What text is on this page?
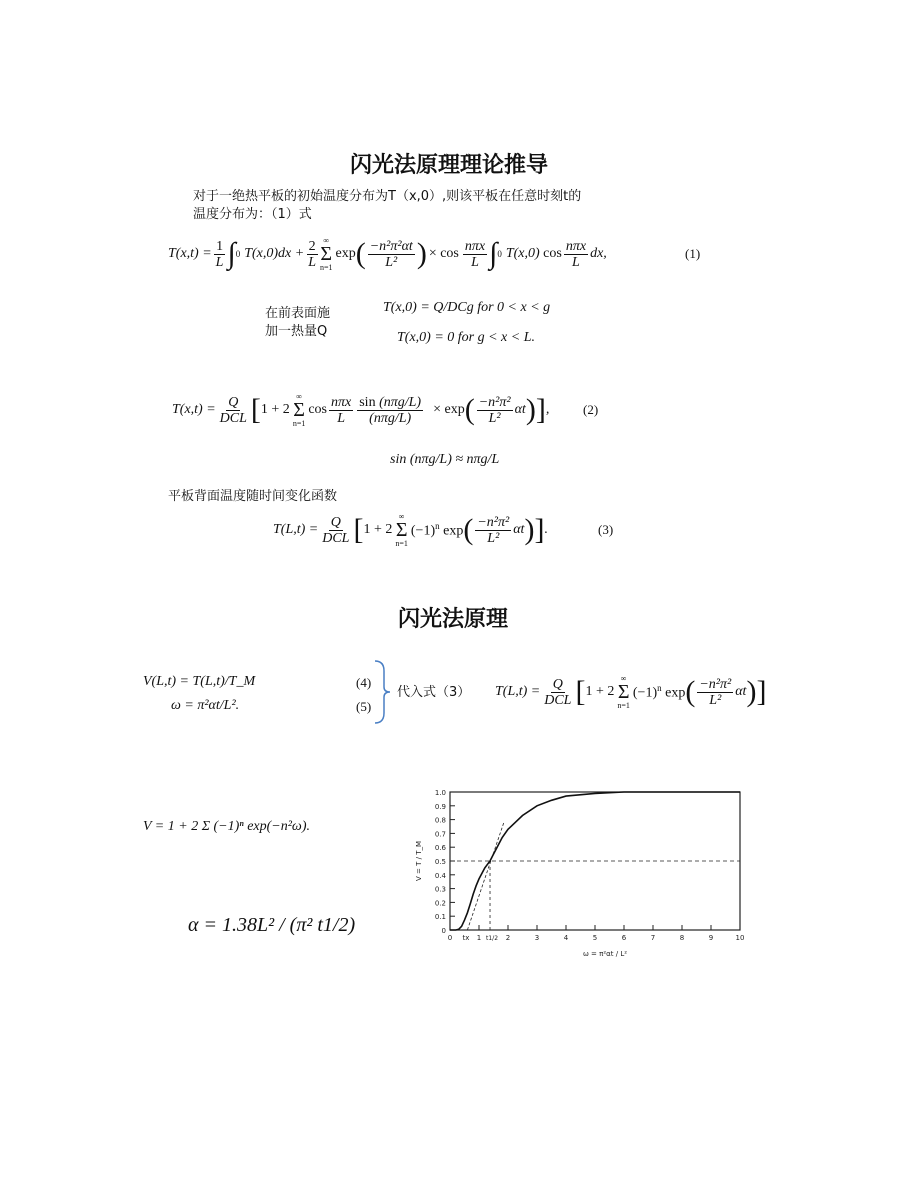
闪光法原理理论推导
对于一绝热平板的初始温度分布为T（x,0）,则该平板在任意时刻t的
温度分布为：（1）式
$T(x,t) = \frac{1}{L}$ ∫ 0 $T(x,0)dx + \frac{2}{L}$ ∞
Σ
n=1
exp ( $\frac{\text{−n²π²αt}}{\text{L²}}$ ) × $\cos \frac{\text{nπx}}{L}$ ∫ 0 T(x,0) $\cos \frac{\text{nπx}}{L}$ dx,	(1)
在前表面施
加一热量Q
T(x,0) = Q/DCg for 0 < x < g
T(x,0) = 0 for g < x < L.
$T(x,t) = \frac{Q}{\text{DCL}}$ [ 1 + 2
∞
Σ
n=1
$\cos \frac{\text{nπx}}{L} \frac{\text{sin (nπg/L)}}{\text{(nπg/L)}} \times \exp$ ( $\frac{\text{−n²π²}}{\text{L²}}$ αt ) ] ,	(2)
sin (nπg/L) ≈ nπg/L
平板背面温度随时间变化函数
$T(L,t) = \frac{Q}{\text{DCL}}$ [ 1 + 2
∞
Σ
n=1
$(-1)^n$ exp ( $\frac{\text{−n²π²}}{\text{L²}}$ αt ) ] .	(3)
闪光法原理
V(L,t) = T(L,t)/T_M	(4)
ω = π²αt/L².	(5)
代入式（3） $T(L,t) = \frac{Q}{\text{DCL}}$ [ 1 + 2
∞
Σ
n=1
$(-1)^n$ exp ( $\frac{\text{−n²π²}}{\text{L²}}$ αt ) ]
V = 1 + 2 Σ (−1)ⁿ exp(−n²ω).
α = 1.38L² / (π² t1/2)	0
0.1
0.2
0.3
0.4
0.5
0.6
0.7
0.8
0.9
1.0
0	1	2	3	4	5	6	7	8	9	10
tx	t1/2
ω = π²αt / L²
V = T / T_M
